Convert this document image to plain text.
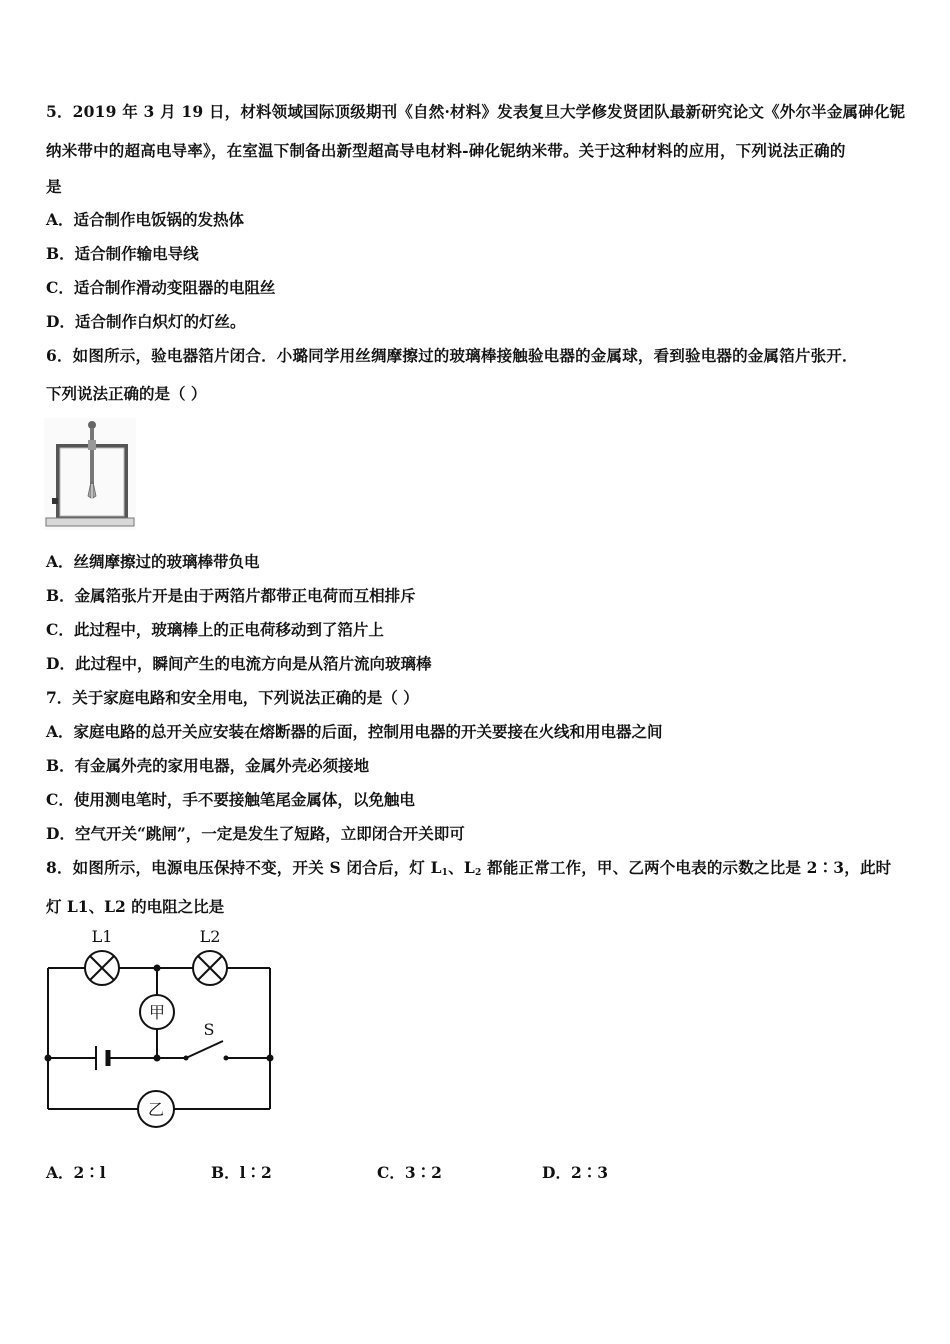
5．2019 年 3 月 19 日，材料领域国际顶级期刊《自然·材料》发表复旦大学修发贤团队最新研究论文《外尔半金属砷化铌
纳米带中的超高电导率》，在室温下制备出新型超高导电材料-砷化铌纳米带。关于这种材料的应用，下列说法正确的
是
A．适合制作电饭锅的发热体
B．适合制作输电导线
C．适合制作滑动变阻器的电阻丝
D．适合制作白炽灯的灯丝。
6．如图所示，验电器箔片闭合．小璐同学用丝绸摩擦过的玻璃棒接触验电器的金属球，看到验电器的金属箔片张开．
下列说法正确的是（ ）
A．丝绸摩擦过的玻璃棒带负电
B．金属箔张片开是由于两箔片都带正电荷而互相排斥
C．此过程中，玻璃棒上的正电荷移动到了箔片上
D．此过程中，瞬间产生的电流方向是从箔片流向玻璃棒
7．关于家庭电路和安全用电，下列说法正确的是（ ）
A．家庭电路的总开关应安装在熔断器的后面，控制用电器的开关要接在火线和用电器之间
B．有金属外壳的家用电器，金属外壳必须接地
C．使用测电笔时，手不要接触笔尾金属体，以免触电
D．空气开关“跳闸”，一定是发生了短路，立即闭合开关即可
8．如图所示，电源电压保持不变，开关 S 闭合后，灯 $L_1$、$L_2$ 都能正常工作，甲、乙两个电表的示数之比是 2∶3，此时
灯 L1、L2 的电阻之比是
L1	L2
甲
S
乙
A．2∶l	B．l∶2	C．3∶2	D．2∶3
